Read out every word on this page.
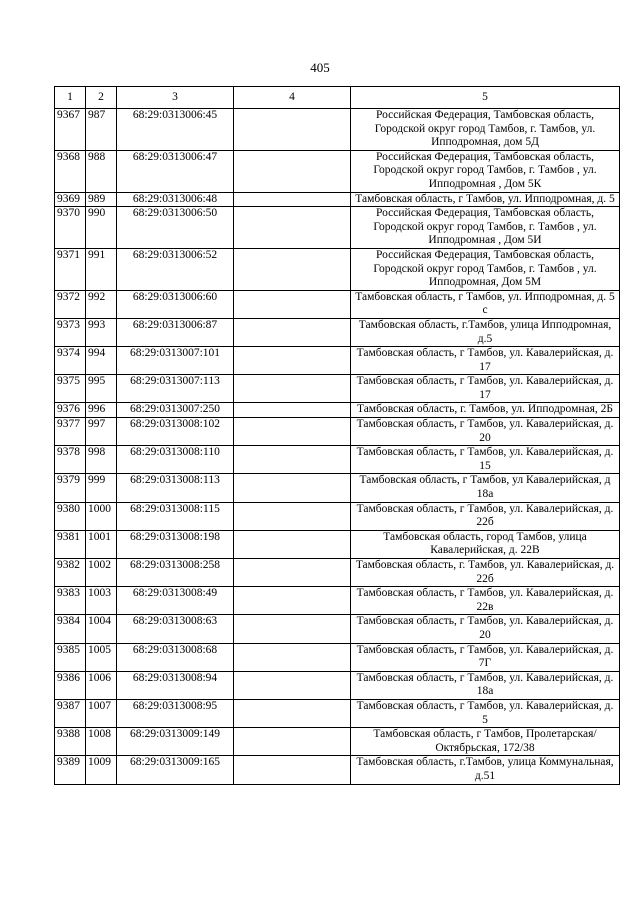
405
1	2	3	4	5
9367	987	68:29:0313006:45		Российская Федерация, Тамбовская область, Городской округ город Тамбов, г. Тамбов, ул. Ипподромная, дом 5Д
9368	988	68:29:0313006:47		Российская Федерация, Тамбовская область, Городской округ город Тамбов, г. Тамбов , ул. Ипподромная , Дом 5К
9369	989	68:29:0313006:48		Тамбовская область, г Тамбов, ул. Ипподромная, д. 5
9370	990	68:29:0313006:50		Российская Федерация, Тамбовская область, Городской округ город Тамбов, г. Тамбов , ул. Ипподромная , Дом 5И
9371	991	68:29:0313006:52		Российская Федерация, Тамбовская область, Городской округ город Тамбов, г. Тамбов , ул. Ипподромная, Дом 5М
9372	992	68:29:0313006:60		Тамбовская область, г Тамбов, ул. Ипподромная, д. 5 с
9373	993	68:29:0313006:87		Тамбовская область, г.Тамбов, улица Ипподромная, д.5
9374	994	68:29:0313007:101		Тамбовская область, г Тамбов, ул. Кавалерийская, д. 17
9375	995	68:29:0313007:113		Тамбовская область, г Тамбов, ул. Кавалерийская, д. 17
9376	996	68:29:0313007:250		Тамбовская область, г. Тамбов, ул. Ипподромная, 2Б
9377	997	68:29:0313008:102		Тамбовская область, г Тамбов, ул. Кавалерийская, д. 20
9378	998	68:29:0313008:110		Тамбовская область, г Тамбов, ул. Кавалерийская, д. 15
9379	999	68:29:0313008:113		Тамбовская область, г Тамбов, ул Кавалерийская, д 18а
9380	1000	68:29:0313008:115		Тамбовская область, г Тамбов, ул. Кавалерийская, д. 22б
9381	1001	68:29:0313008:198		Тамбовская область, город Тамбов, улица Кавалерийская, д. 22В
9382	1002	68:29:0313008:258		Тамбовская область, г. Тамбов, ул. Кавалерийская, д. 22б
9383	1003	68:29:0313008:49		Тамбовская область, г Тамбов, ул. Кавалерийская, д. 22в
9384	1004	68:29:0313008:63		Тамбовская область, г Тамбов, ул. Кавалерийская, д. 20
9385	1005	68:29:0313008:68		Тамбовская область, г Тамбов, ул. Кавалерийская, д. 7Г
9386	1006	68:29:0313008:94		Тамбовская область, г Тамбов, ул. Кавалерийская, д. 18а
9387	1007	68:29:0313008:95		Тамбовская область, г Тамбов, ул. Кавалерийская, д. 5
9388	1008	68:29:0313009:149		Тамбовская область, г Тамбов, Пролетарская/Октябрьская, 172/38
9389	1009	68:29:0313009:165		Тамбовская область, г.Тамбов, улица Коммунальная, д.51
